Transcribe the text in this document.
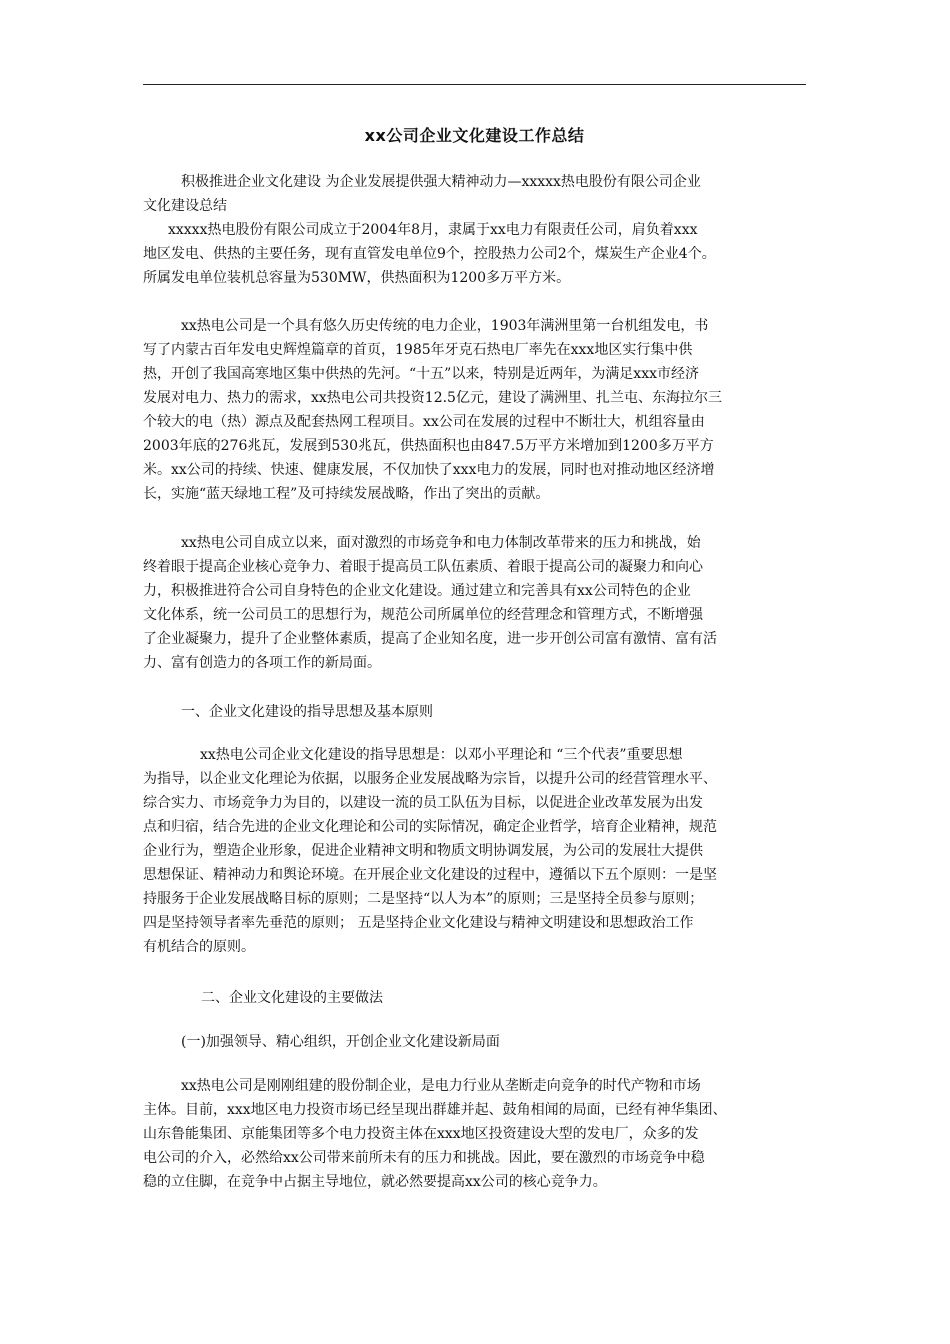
xx公司企业文化建设工作总结
积极推进企业文化建设 为企业发展提供强大精神动力—xxxxx热电股份有限公司企业
文化建设总结
xxxxx热电股份有限公司成立于2004年8月，隶属于xx电力有限责任公司，肩负着xxx
地区发电、供热的主要任务，现有直管发电单位9个，控股热力公司2个，煤炭生产企业4个。
所属发电单位装机总容量为530MW，供热面积为1200多万平方米。
xx热电公司是一个具有悠久历史传统的电力企业，1903年满洲里第一台机组发电，书
写了内蒙古百年发电史辉煌篇章的首页，1985年牙克石热电厂率先在xxx地区实行集中供
热，开创了我国高寒地区集中供热的先河。“十五”以来，特别是近两年，为满足xxx市经济
发展对电力、热力的需求，xx热电公司共投资12.5亿元，建设了满洲里、扎兰屯、东海拉尔三
个较大的电（热）源点及配套热网工程项目。xx公司在发展的过程中不断壮大，机组容量由
2003年底的276兆瓦，发展到530兆瓦，供热面积也由847.5万平方米增加到1200多万平方
米。xx公司的持续、快速、健康发展，不仅加快了xxx电力的发展，同时也对推动地区经济增
长，实施“蓝天绿地工程”及可持续发展战略，作出了突出的贡献。
xx热电公司自成立以来，面对激烈的市场竞争和电力体制改革带来的压力和挑战，始
终着眼于提高企业核心竞争力、着眼于提高员工队伍素质、着眼于提高公司的凝聚力和向心
力，积极推进符合公司自身特色的企业文化建设。通过建立和完善具有xx公司特色的企业
文化体系，统一公司员工的思想行为，规范公司所属单位的经营理念和管理方式，不断增强
了企业凝聚力，提升了企业整体素质，提高了企业知名度，进一步开创公司富有激情、富有活
力、富有创造力的各项工作的新局面。
一、企业文化建设的指导思想及基本原则
xx热电公司企业文化建设的指导思想是：以邓小平理论和 “三个代表”重要思想
为指导，以企业文化理论为依据，以服务企业发展战略为宗旨，以提升公司的经营管理水平、
综合实力、市场竞争力为目的，以建设一流的员工队伍为目标，以促进企业改革发展为出发
点和归宿，结合先进的企业文化理论和公司的实际情况，确定企业哲学，培育企业精神，规范
企业行为，塑造企业形象，促进企业精神文明和物质文明协调发展，为公司的发展壮大提供
思想保证、精神动力和舆论环境。在开展企业文化建设的过程中，遵循以下五个原则：一是坚
持服务于企业发展战略目标的原则；二是坚持“以人为本”的原则；三是坚持全员参与原则；
四是坚持领导者率先垂范的原则； 五是坚持企业文化建设与精神文明建设和思想政治工作
有机结合的原则。
二、企业文化建设的主要做法
(一)加强领导、精心组织，开创企业文化建设新局面
xx热电公司是刚刚组建的股份制企业，是电力行业从垄断走向竞争的时代产物和市场
主体。目前，xxx地区电力投资市场已经呈现出群雄并起、鼓角相闻的局面，已经有神华集团、
山东鲁能集团、京能集团等多个电力投资主体在xxx地区投资建设大型的发电厂，众多的发
电公司的介入，必然给xx公司带来前所未有的压力和挑战。因此，要在激烈的市场竞争中稳
稳的立住脚，在竞争中占据主导地位，就必然要提高xx公司的核心竞争力。
